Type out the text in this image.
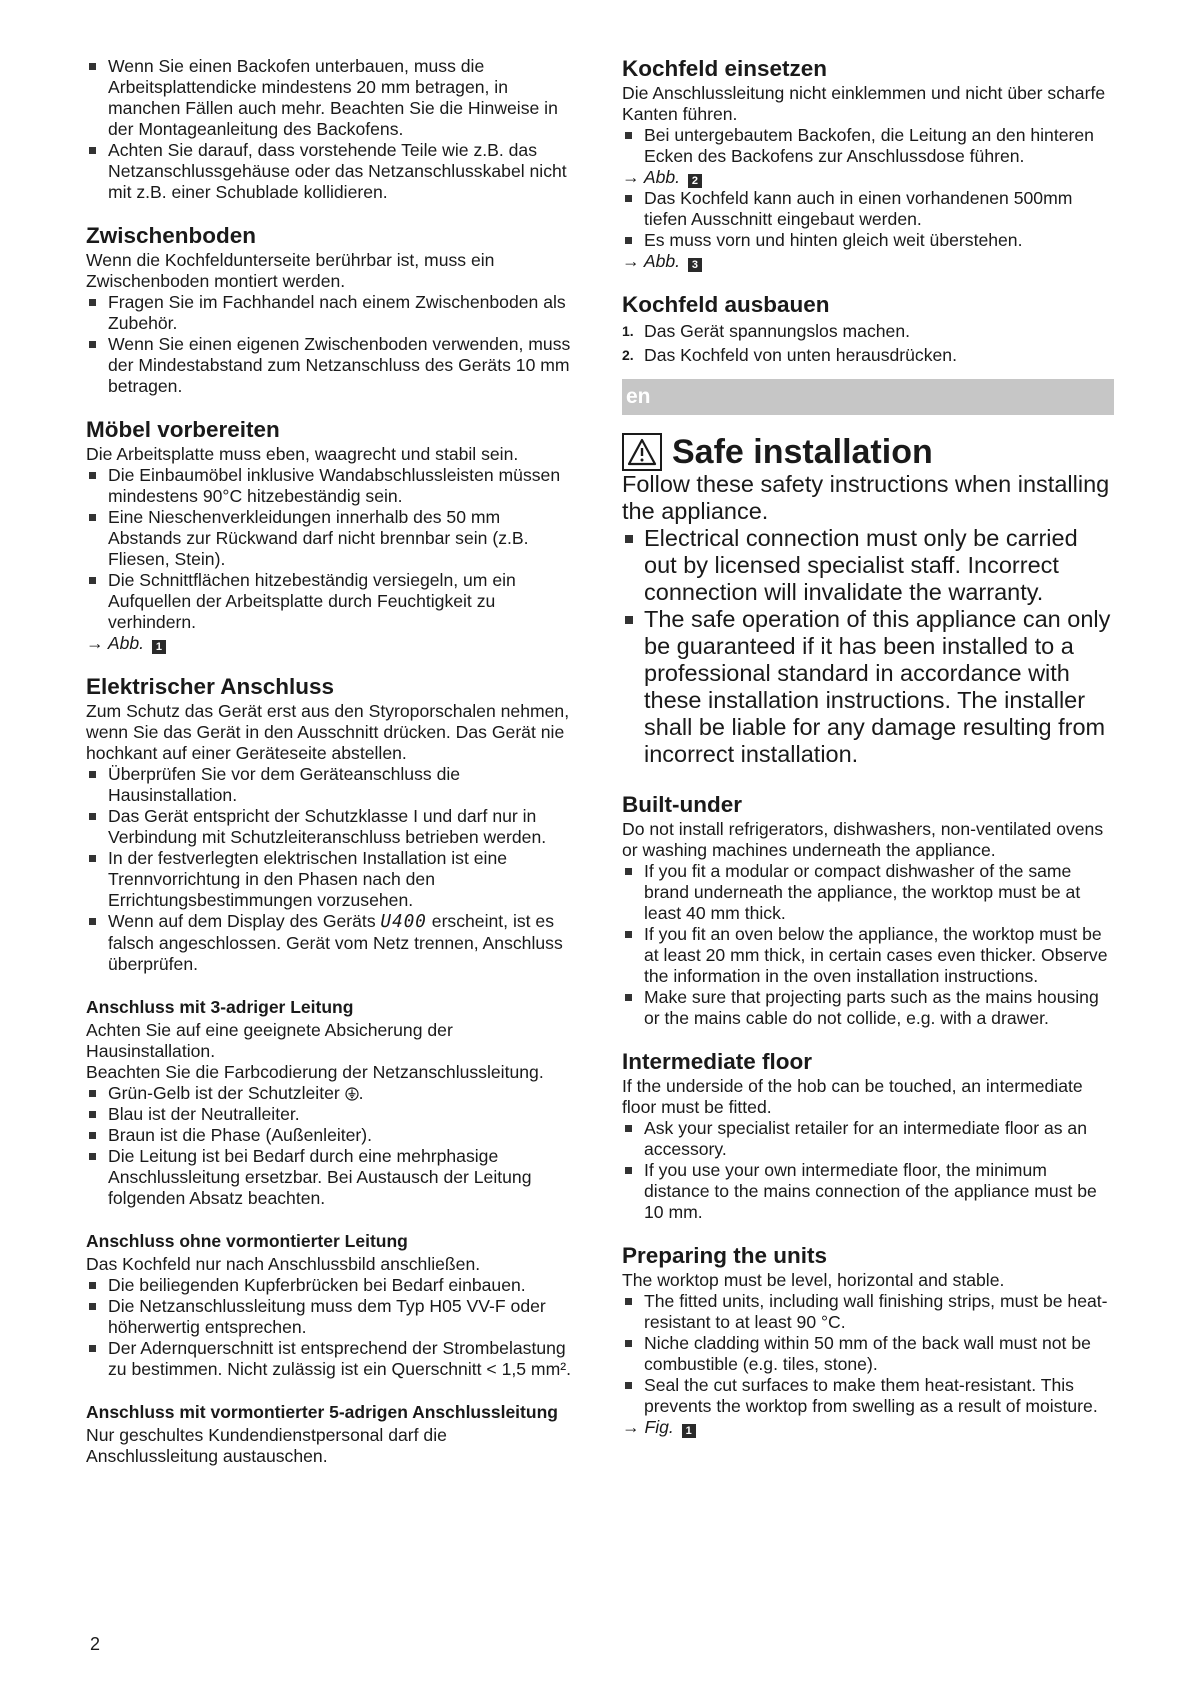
Wenn Sie einen Backofen unterbauen, muss die Arbeitsplattendicke mindestens 20 mm betragen, in manchen Fällen auch mehr. Beachten Sie die Hinweise in der Montageanleitung des Backofens.
Achten Sie darauf, dass vorstehende Teile wie z.B. das Netzanschlussgehäuse oder das Netzanschlusskabel nicht mit z.B. einer Schublade kollidieren.
Zwischenboden

Wenn die Kochfeldunterseite berührbar ist, muss ein Zwischenboden montiert werden.

Fragen Sie im Fachhandel nach einem Zwischenboden als Zubehör.
Wenn Sie einen eigenen Zwischenboden verwenden, muss der Mindestabstand zum Netzanschluss des Geräts 10 mm betragen.
Möbel vorbereiten

Die Arbeitsplatte muss eben, waagrecht und stabil sein.

Die Einbaumöbel inklusive Wandabschlussleisten müssen mindestens 90°C hitzebeständig sein.
Eine Nieschenverkleidungen innerhalb des 50 mm Abstands zur Rückwand darf nicht brennbar sein (z.B. Fliesen, Stein).
Die Schnittflächen hitzebeständig versiegeln, um ein Aufquellen der Arbeitsplatte durch Feuchtigkeit zu verhindern.

→ Abb. 1

Elektrischer Anschluss

Zum Schutz das Gerät erst aus den Styroporschalen nehmen, wenn Sie das Gerät in den Ausschnitt drücken. Das Gerät nie hochkant auf einer Geräteseite abstellen.

Überprüfen Sie vor dem Geräteanschluss die Hausinstallation.
Das Gerät entspricht der Schutzklasse I und darf nur in Verbindung mit Schutzleiteranschluss betrieben werden.
In der festverlegten elektrischen Installation ist eine Trennvorrichtung in den Phasen nach den Errichtungsbestimmungen vorzusehen.
Wenn auf dem Display des Geräts U400 erscheint, ist es falsch angeschlossen. Gerät vom Netz trennen, Anschluss überprüfen.
Anschluss mit 3-adriger Leitung

Achten Sie auf eine geeignete Absicherung der Hausinstallation.

Beachten Sie die Farbcodierung der Netzanschlussleitung.

Grün-Gelb ist der Schutzleiter .
Blau ist der Neutralleiter.
Braun ist die Phase (Außenleiter).
Die Leitung ist bei Bedarf durch eine mehrphasige Anschlussleitung ersetzbar. Bei Austausch der Leitung folgenden Absatz beachten.
Anschluss ohne vormontierter Leitung

Das Kochfeld nur nach Anschlussbild anschließen.

Die beiliegenden Kupferbrücken bei Bedarf einbauen.
Die Netzanschlussleitung muss dem Typ H05 VV-F oder höherwertig entsprechen.
Der Adernquerschnitt ist entsprechend der Strombelastung zu bestimmen. Nicht zulässig ist ein Querschnitt < 1,5 mm².
Anschluss mit vormontierter 5-adrigen Anschlussleitung

Nur geschultes Kundendienstpersonal darf die Anschlussleitung austauschen.

Kochfeld einsetzen

Die Anschlussleitung nicht einklemmen und nicht über scharfe Kanten führen.

Bei untergebautem Backofen, die Leitung an den hinteren Ecken des Backofens zur Anschlussdose führen.

→ Abb. 2

Das Kochfeld kann auch in einen vorhandenen 500mm tiefen Ausschnitt eingebaut werden.
Es muss vorn und hinten gleich weit überstehen.

→ Abb. 3

Kochfeld ausbauen
1. Das Gerät spannungslos machen.
2. Das Kochfeld von unten herausdrücken.
en
Safe installation

Follow these safety instructions when installing the appliance.

Electrical connection must only be carried out by licensed specialist staff. Incorrect connection will invalidate the warranty.
The safe operation of this appliance can only be guaranteed if it has been installed to a professional standard in accordance with these installation instructions. The installer shall be liable for any damage resulting from incorrect installation.
Built-under

Do not install refrigerators, dishwashers, non-ventilated ovens or washing machines underneath the appliance.

If you fit a modular or compact dishwasher of the same brand underneath the appliance, the worktop must be at least 40 mm thick.
If you fit an oven below the appliance, the worktop must be at least 20 mm thick, in certain cases even thicker. Observe the information in the oven installation instructions.
Make sure that projecting parts such as the mains housing or the mains cable do not collide, e.g. with a drawer.
Intermediate floor

If the underside of the hob can be touched, an intermediate floor must be fitted.

Ask your specialist retailer for an intermediate floor as an accessory.
If you use your own intermediate floor, the minimum distance to the mains connection of the appliance must be 10 mm.
Preparing the units

The worktop must be level, horizontal and stable.

The fitted units, including wall finishing strips, must be heat-resistant to at least 90 °C.
Niche cladding within 50 mm of the back wall must not be combustible (e.g. tiles, stone).
Seal the cut surfaces to make them heat-resistant. This prevents the worktop from swelling as a result of moisture.

→ Fig. 1

2
